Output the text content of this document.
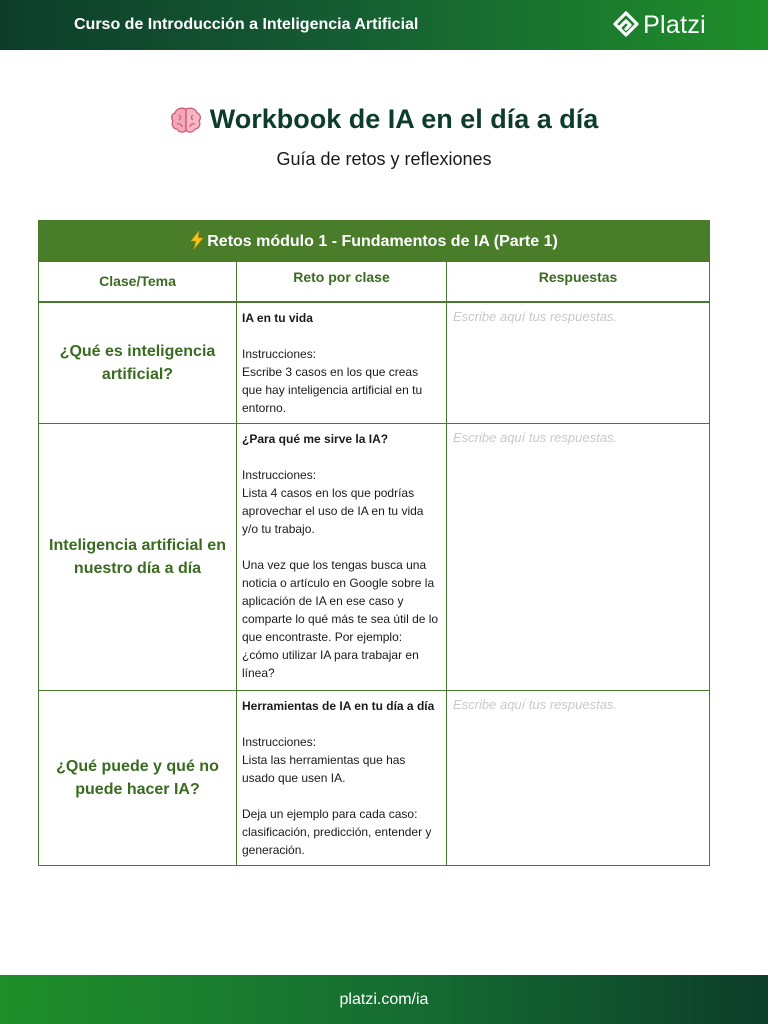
Curso de Introducción a Inteligencia Artificial	Platzi
Workbook de IA en el día a día
Guía de retos y reflexiones
Retos módulo 1 - Fundamentos de IA (Parte 1)		
Clase/Tema	Reto por clase	Respuestas
¿Qué es inteligencia artificial?	IA en tu vida
Instrucciones:
Escribe 3 casos en los que creas que hay inteligencia artificial en tu entorno.	Escribe aquí tus respuestas.
Inteligencia artificial en nuestro día a día	¿Para qué me sirve la IA?
Instrucciones:
Lista 4 casos en los que podrías aprovechar el uso de IA en tu vida y/o tu trabajo.

Una vez que los tengas busca una noticia o artículo en Google sobre la aplicación de IA en ese caso y comparte lo qué más te sea útil de lo que encontraste. Por ejemplo: ¿cómo utilizar IA para trabajar en línea?	Escribe aquí tus respuestas.
¿Qué puede y qué no puede hacer IA?	Herramientas de IA en tu día a día
Instrucciones:
Lista las herramientas que has usado que usen IA.

Deja un ejemplo para cada caso: clasificación, predicción, entender y generación.	Escribe aquí tus respuestas.
platzi.com/ia
